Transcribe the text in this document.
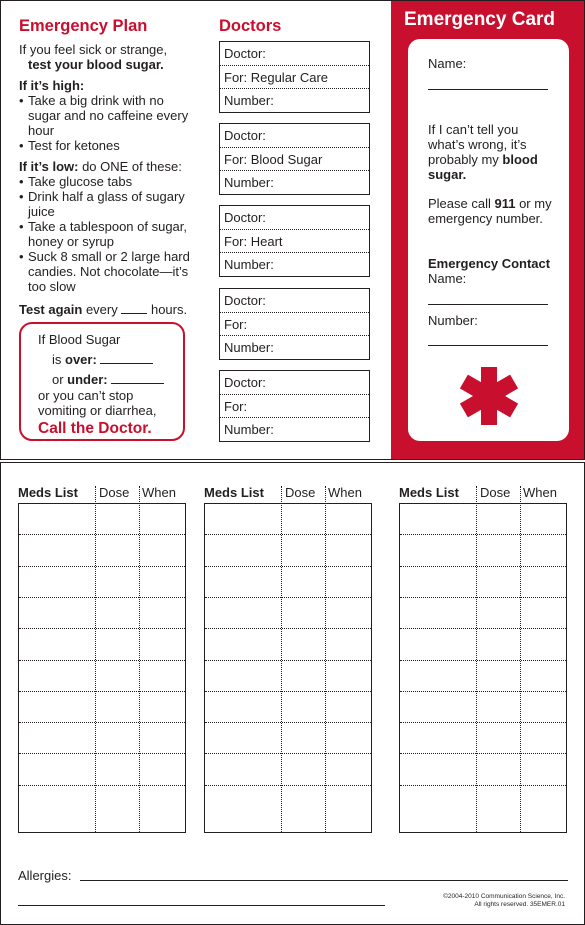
Emergency Plan
If you feel sick or strange,
test your blood sugar.
If it’s high:
• Take a big drink with no sugar and no caffeine every hour
• Test for ketones
If it’s low: do ONE of these:
• Take glucose tabs
• Drink half a glass of sugary juice
• Take a tablespoon of sugar, honey or syrup
• Suck 8 small or 2 large hard candies. Not chocolate—it’s too slow
Test again every  hours.
If Blood Sugar
is over:
or under:
or you can’t stop
vomiting or diarrhea,
Call the Doctor.
Doctors
Doctor:
For: Regular Care
Number:
Doctor:
For: Blood Sugar
Number:
Doctor:
For: Heart
Number:
Doctor:
For:
Number:
Doctor:
For:
Number:
Emergency Card
Name:
If I can’t tell you what’s wrong, it’s probably my blood sugar.
Please call 911 or my emergency number.
Emergency Contact
Name:
Number:
Meds List Dose When Meds List Dose When	Meds List Dose When
Allergies:
©2004-2010 Communication Science, Inc.
All rights reserved. 35EMER.01
